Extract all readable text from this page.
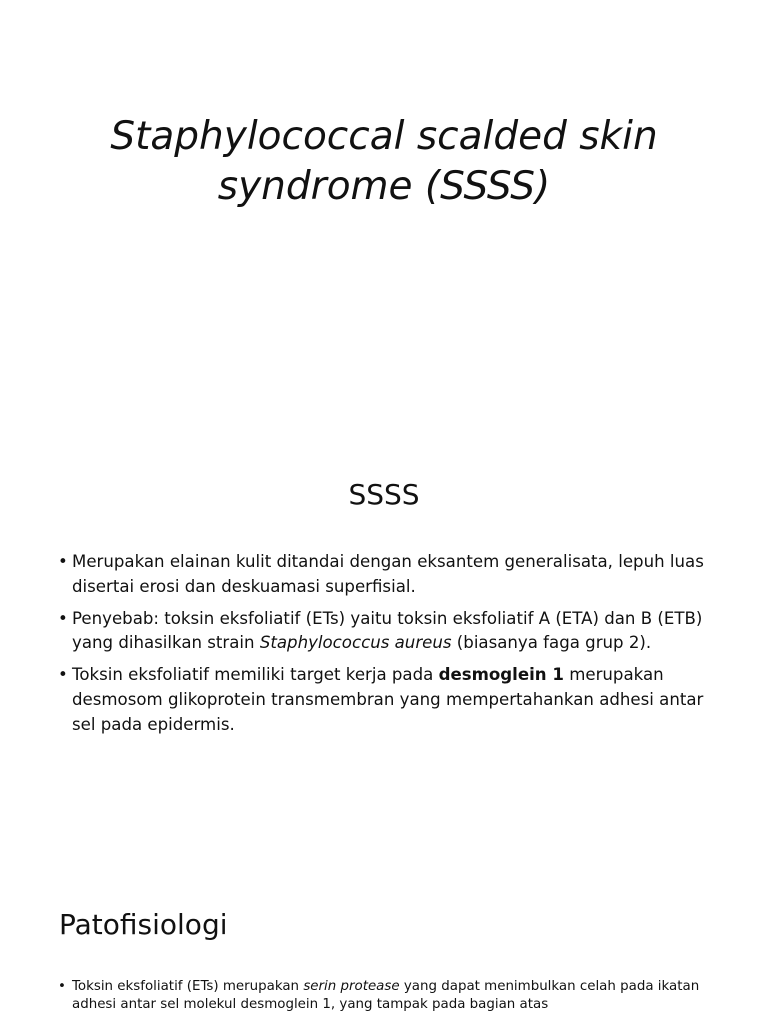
Staphylococcal scalded skin syndrome (SSSS)
SSSS
• Merupakan elainan kulit ditandai dengan eksantem generalisata, lepuh luas disertai erosi dan deskuamasi superfisial.
• Penyebab: toksin eksfoliatif (ETs) yaitu toksin eksfoliatif A (ETA) dan B (ETB) yang dihasilkan strain Staphylococcus aureus (biasanya faga grup 2).
• Toksin eksfoliatif memiliki target kerja pada desmoglein 1 merupakan desmosom glikoprotein transmembran yang mempertahankan adhesi antar sel pada epidermis.
Patofisiologi
• Toksin eksfoliatif (ETs) merupakan serin protease yang dapat menimbulkan celah pada ikatan adhesi antar sel molekul desmoglein 1, yang tampak pada bagian atas
